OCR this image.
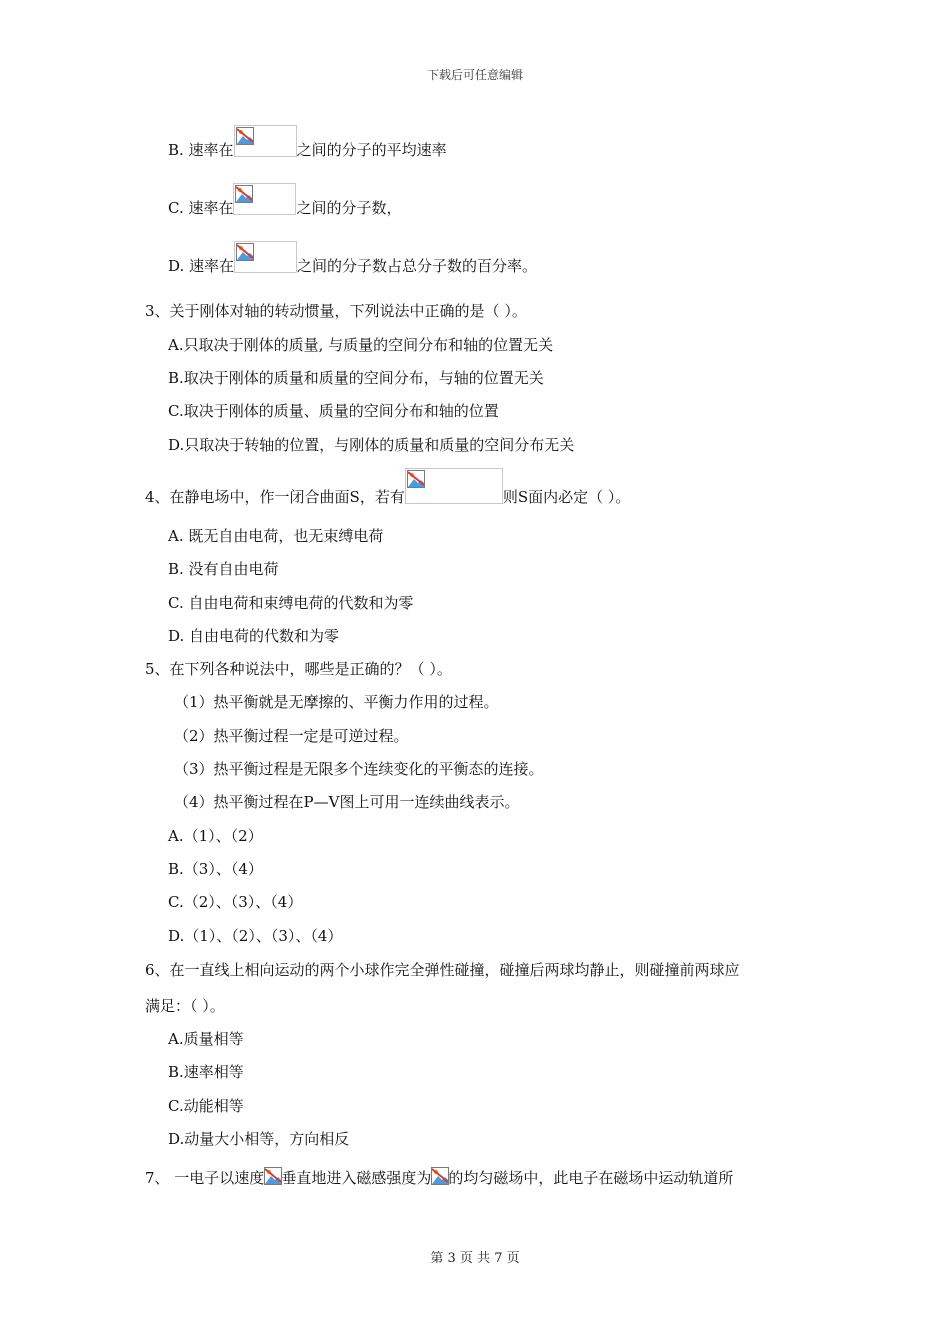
下载后可任意编辑
B. 速率在	之间的分子的平均速率
C. 速率在	之间的分子数，
D. 速率在	之间的分子数占总分子数的百分率。
3、关于刚体对轴的转动惯量，下列说法中正确的是（ ）。
A.只取决于刚体的质量, 与质量的空间分布和轴的位置无关
B.取决于刚体的质量和质量的空间分布，与轴的位置无关
C.取决于刚体的质量、质量的空间分布和轴的位置
D.只取决于转轴的位置，与刚体的质量和质量的空间分布无关
4、在静电场中，作一闭合曲面S，若有	则S面内必定（ ）。
A. 既无自由电荷，也无束缚电荷
B. 没有自由电荷
C. 自由电荷和束缚电荷的代数和为零
D. 自由电荷的代数和为零
5、在下列各种说法中，哪些是正确的？（ ）。
（1）热平衡就是无摩擦的、平衡力作用的过程。
（2）热平衡过程一定是可逆过程。
（3）热平衡过程是无限多个连续变化的平衡态的连接。
（4）热平衡过程在P—V图上可用一连续曲线表示。
A.（1）、（2）
B.（3）、（4）
C.（2）、（3）、（4）
D.（1）、（2）、（3）、（4）
6、在一直线上相向运动的两个小球作完全弹性碰撞，碰撞后两球均静止，则碰撞前两球应
满足：（ ）。
A.质量相等
B.速率相等
C.动能相等
D.动量大小相等，方向相反
7、 一电子以速度 垂直地进入磁感强度为 的均匀磁场中，此电子在磁场中运动轨道所
第 3 页 共 7 页
